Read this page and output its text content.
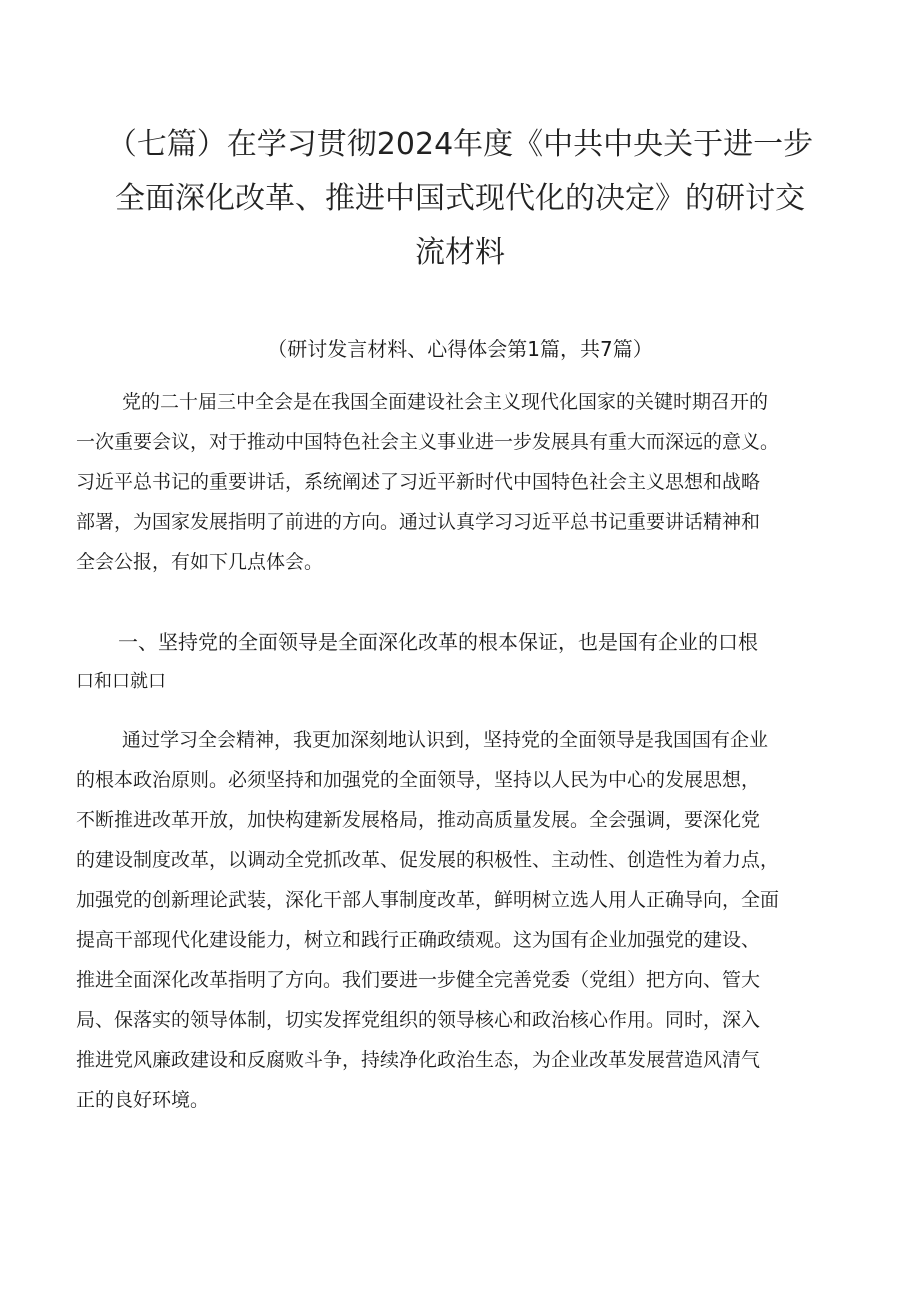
（七篇）在学习贯彻2024年度《中共中央关于进一步
全面深化改革、推进中国式现代化的决定》的研讨交
流材料
（研讨发言材料、心得体会第1篇，共7篇）
党的二十届三中全会是在我国全面建设社会主义现代化国家的关键时期召开的
一次重要会议，对于推动中国特色社会主义事业进一步发展具有重大而深远的意义。
习近平总书记的重要讲话，系统阐述了习近平新时代中国特色社会主义思想和战略
部署，为国家发展指明了前进的方向。通过认真学习习近平总书记重要讲话精神和
全会公报，有如下几点体会。
一、坚持党的全面领导是全面深化改革的根本保证，也是国有企业的口根
口和口就口
通过学习全会精神，我更加深刻地认识到，坚持党的全面领导是我国国有企业
的根本政治原则。必须坚持和加强党的全面领导，坚持以人民为中心的发展思想，
不断推进改革开放，加快构建新发展格局，推动高质量发展。全会强调，要深化党
的建设制度改革，以调动全党抓改革、促发展的积极性、主动性、创造性为着力点，
加强党的创新理论武装，深化干部人事制度改革，鲜明树立选人用人正确导向，全面
提高干部现代化建设能力，树立和践行正确政绩观。这为国有企业加强党的建设、
推进全面深化改革指明了方向。我们要进一步健全完善党委（党组）把方向、管大
局、保落实的领导体制，切实发挥党组织的领导核心和政治核心作用。同时，深入
推进党风廉政建设和反腐败斗争，持续净化政治生态，为企业改革发展营造风清气
正的良好环境。
